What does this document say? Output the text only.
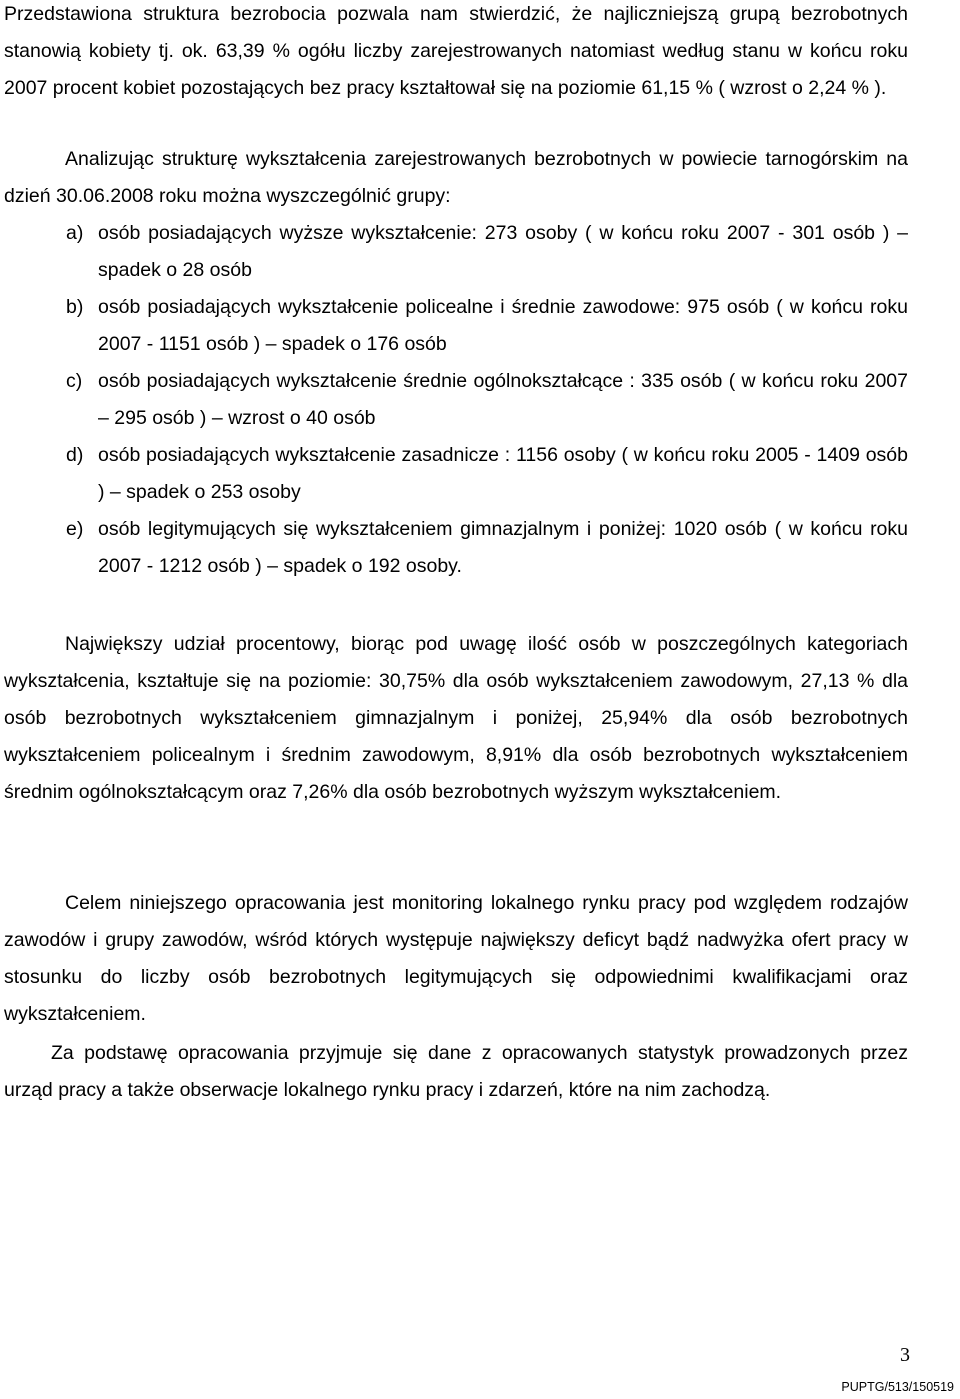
Przedstawiona struktura bezrobocia pozwala nam stwierdzić, że najliczniejszą grupą bezrobotnych stanowią kobiety tj. ok. 63,39 % ogółu liczby zarejestrowanych natomiast według stanu w końcu roku 2007 procent kobiet pozostających bez pracy kształtował się na poziomie 61,15 % ( wzrost o 2,24 % ).

Analizując strukturę wykształcenia zarejestrowanych bezrobotnych w powiecie tarnogórskim na dzień 30.06.2008 roku można wyszczególnić grupy:

a) osób posiadających wyższe wykształcenie: 273 osoby ( w końcu roku 2007 - 301 osób ) – spadek o 28 osób
b) osób posiadających wykształcenie policealne i średnie zawodowe: 975 osób ( w końcu roku 2007 - 1151 osób ) – spadek o 176 osób
c) osób posiadających wykształcenie średnie ogólnokształcące : 335 osób ( w końcu roku 2007 – 295 osób ) – wzrost o 40 osób
d) osób posiadających wykształcenie zasadnicze : 1156 osoby ( w końcu roku 2005 - 1409 osób ) – spadek o 253 osoby
e) osób legitymujących się wykształceniem gimnazjalnym i poniżej: 1020 osób ( w końcu roku 2007 - 1212 osób ) – spadek o 192 osoby.

Największy udział procentowy, biorąc pod uwagę ilość osób w poszczególnych kategoriach wykształcenia, kształtuje się na poziomie: 30,75% dla osób wykształceniem zawodowym, 27,13 % dla osób bezrobotnych wykształceniem gimnazjalnym i poniżej, 25,94% dla osób bezrobotnych wykształceniem policealnym i średnim zawodowym, 8,91% dla osób bezrobotnych wykształceniem średnim ogólnokształcącym oraz 7,26% dla osób bezrobotnych wyższym wykształceniem.

Celem niniejszego opracowania jest monitoring lokalnego rynku pracy pod względem rodzajów zawodów i grupy zawodów, wśród których występuje największy deficyt bądź nadwyżka ofert pracy w stosunku do liczby osób bezrobotnych legitymujących się odpowiednimi kwalifikacjami oraz wykształceniem.

Za podstawę opracowania przyjmuje się dane z opracowanych statystyk prowadzonych przez urząd pracy a także obserwacje lokalnego rynku pracy i zdarzeń, które na nim zachodzą.

3
PUPTG/513/150519
